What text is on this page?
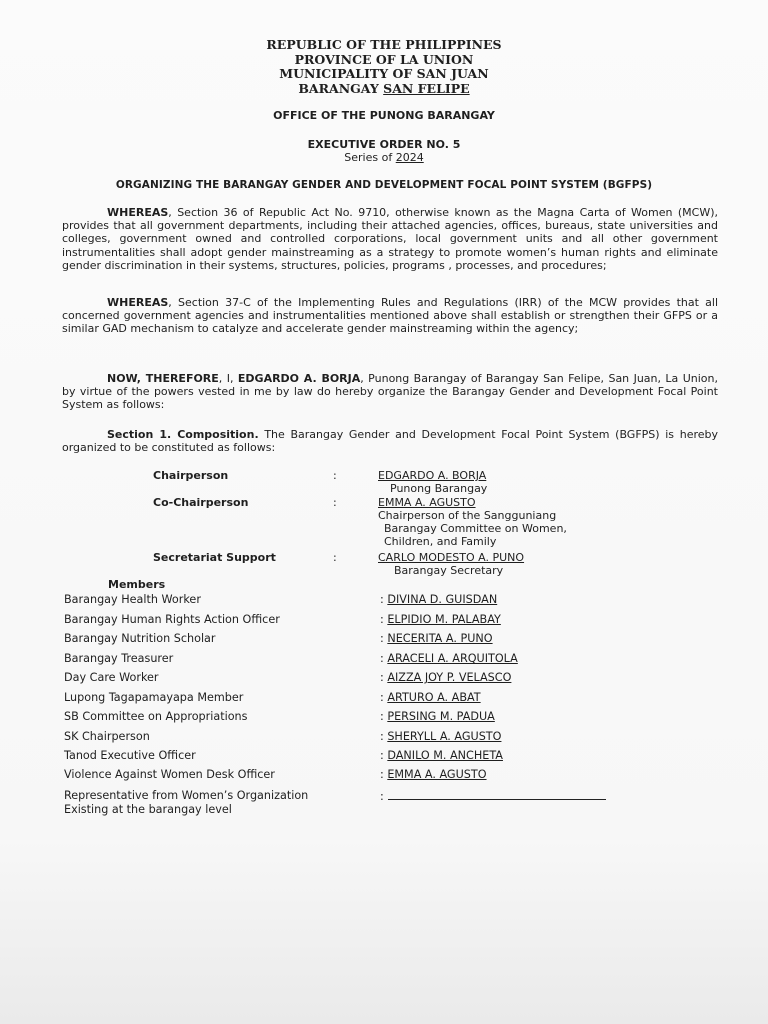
REPUBLIC OF THE PHILIPPINES
PROVINCE OF LA UNION
MUNICIPALITY OF SAN JUAN
BARANGAY SAN FELIPE
OFFICE OF THE PUNONG BARANGAY
EXECUTIVE ORDER NO. 5
Series of 2024
ORGANIZING THE BARANGAY GENDER AND DEVELOPMENT FOCAL POINT SYSTEM (BGFPS)
WHEREAS, Section 36 of Republic Act No. 9710, otherwise known as the Magna Carta of Women (MCW), provides that all government departments, including their attached agencies, offices, bureaus, state universities and colleges, government owned and controlled corporations, local government units and all other government instrumentalities shall adopt gender mainstreaming as a strategy to promote women’s human rights and eliminate gender discrimination in their systems, structures, policies, programs , processes, and procedures;
WHEREAS, Section 37-C of the Implementing Rules and Regulations (IRR) of the MCW provides that all concerned government agencies and instrumentalities mentioned above shall establish or strengthen their GFPS or a similar GAD mechanism to catalyze and accelerate gender mainstreaming within the agency;
NOW, THEREFORE, I, EDGARDO A. BORJA, Punong Barangay of Barangay San Felipe, San Juan, La Union, by virtue of the powers vested in me by law do hereby organize the Barangay Gender and Development Focal Point System as follows:
Section 1. Composition. The Barangay Gender and Development Focal Point System (BGFPS) is hereby organized to be constituted as follows:
Chairperson	:	EDGARDO A. BORJA
Punong Barangay
Co-Chairperson	:	EMMA A. AGUSTO
Chairperson of the Sangguniang
Barangay Committee on Women,
Children, and Family
Secretariat Support	:	CARLO MODESTO A. PUNO
Barangay Secretary
Members
Barangay Health Worker	: DIVINA D. GUISDAN
Barangay Human Rights Action Officer	: ELPIDIO M. PALABAY
Barangay Nutrition Scholar	: NECERITA A. PUNO
Barangay Treasurer	: ARACELI A. ARQUITOLA
Day Care Worker	: AIZZA JOY P. VELASCO
Lupong Tagapamayapa Member	: ARTURO A. ABAT
SB Committee on Appropriations	: PERSING M. PADUA
SK Chairperson	: SHERYLL A. AGUSTO
Tanod Executive Officer	: DANILO M. ANCHETA
Violence Against Women Desk Officer	: EMMA A. AGUSTO
Representative from Women’s Organization	:
Existing at the barangay level
